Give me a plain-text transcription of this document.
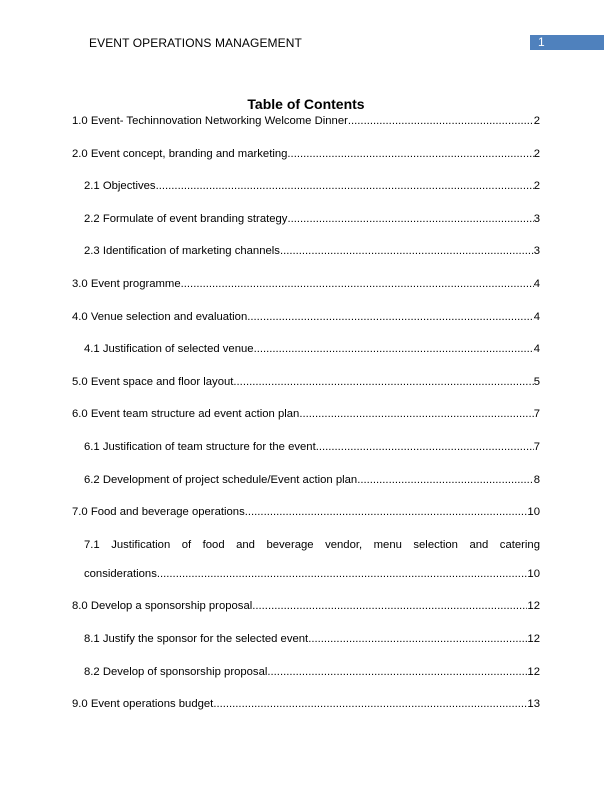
EVENT OPERATIONS MANAGEMENT	1
Table of Contents
1.0 Event- Techinnovation Networking Welcome Dinner .....	2
2.0 Event concept, branding and marketing .....	2
2.1 Objectives .....	2
2.2 Formulate of event branding strategy .....	3
2.3 Identification of marketing channels .....	3
3.0 Event programme .....	4
4.0 Venue selection and evaluation .....	4
4.1 Justification of selected venue .....	4
5.0 Event space and floor layout .....	5
6.0 Event team structure ad event action plan .....	7
6.1 Justification of team structure for the event .....	7
6.2 Development of project schedule/Event action plan .....	8
7.0 Food and beverage operations .....	10
7.1 Justification of food and beverage vendor, menu selection and catering
considerations .....	10
8.0 Develop a sponsorship proposal .....	12
8.1 Justify the sponsor for the selected event .....	12
8.2 Develop of sponsorship proposal .....	12
9.0 Event operations budget .....	13
